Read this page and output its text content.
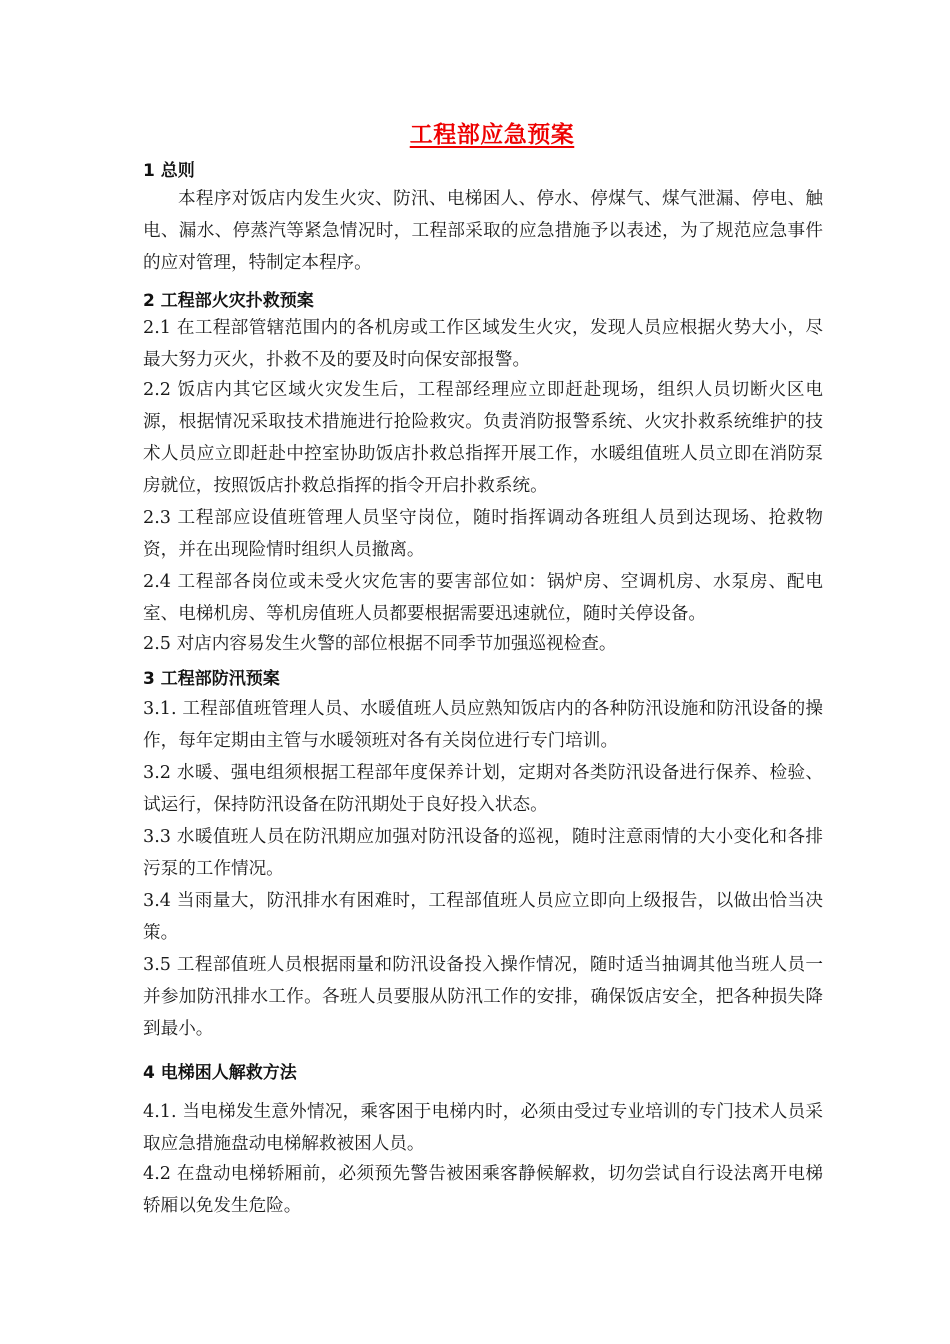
工程部应急预案
1 总则

本程序对饭店内发生火灾、防汛、电梯困人、停水、停煤气、煤气泄漏、停电、触电、漏水、停蒸汽等紧急情况时，工程部采取的应急措施予以表述，为了规范应急事件的应对管理，特制定本程序。

2 工程部火灾扑救预案

2.1 在工程部管辖范围内的各机房或工作区域发生火灾，发现人员应根据火势大小，尽最大努力灭火，扑救不及的要及时向保安部报警。

2.2 饭店内其它区域火灾发生后，工程部经理应立即赶赴现场，组织人员切断火区电源，根据情况采取技术措施进行抢险救灾。负责消防报警系统、火灾扑救系统维护的技术人员应立即赶赴中控室协助饭店扑救总指挥开展工作，水暖组值班人员立即在消防泵房就位，按照饭店扑救总指挥的指令开启扑救系统。

2.3 工程部应设值班管理人员坚守岗位，随时指挥调动各班组人员到达现场、抢救物资，并在出现险情时组织人员撤离。

2.4 工程部各岗位或未受火灾危害的要害部位如：锅炉房、空调机房、水泵房、配电室、电梯机房、等机房值班人员都要根据需要迅速就位，随时关停设备。

2.5 对店内容易发生火警的部位根据不同季节加强巡视检查。

3 工程部防汛预案

3.1. 工程部值班管理人员、水暖值班人员应熟知饭店内的各种防汛设施和防汛设备的操作，每年定期由主管与水暖领班对各有关岗位进行专门培训。

3.2 水暖、强电组须根据工程部年度保养计划，定期对各类防汛设备进行保养、检验、试运行，保持防汛设备在防汛期处于良好投入状态。

3.3 水暖值班人员在防汛期应加强对防汛设备的巡视，随时注意雨情的大小变化和各排污泵的工作情况。

3.4 当雨量大，防汛排水有困难时，工程部值班人员应立即向上级报告，以做出恰当决策。

3.5 工程部值班人员根据雨量和防汛设备投入操作情况，随时适当抽调其他当班人员一并参加防汛排水工作。各班人员要服从防汛工作的安排，确保饭店安全，把各种损失降到最小。

4 电梯困人解救方法

4.1. 当电梯发生意外情况，乘客困于电梯内时，必须由受过专业培训的专门技术人员采取应急措施盘动电梯解救被困人员。

4.2 在盘动电梯轿厢前，必须预先警告被困乘客静候解救，切勿尝试自行设法离开电梯轿厢以免发生危险。
